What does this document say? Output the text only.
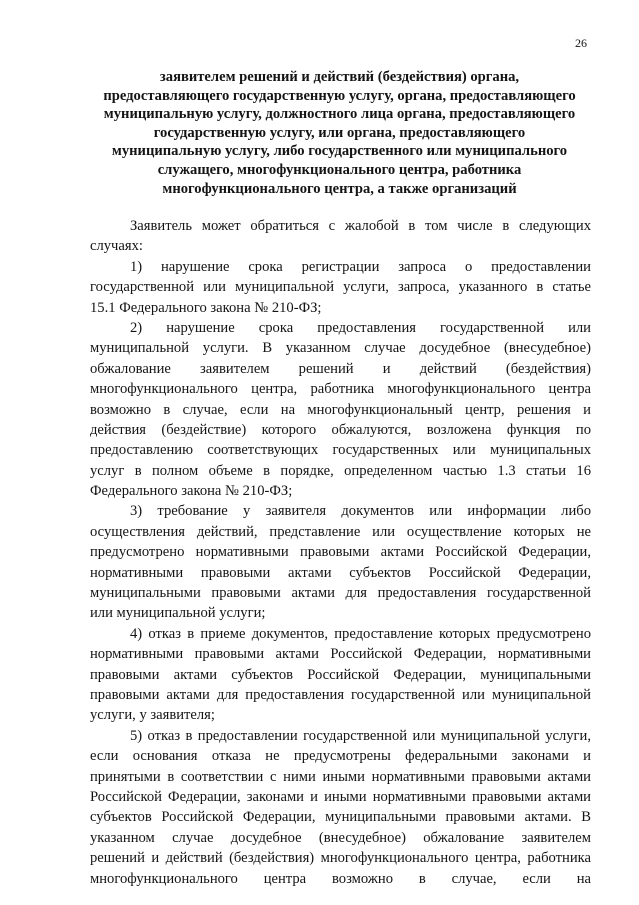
26
заявителем решений и действий (бездействия) органа,
предоставляющего государственную услугу, органа, предоставляющего
муниципальную услугу, должностного лица органа, предоставляющего
государственную услугу, или органа, предоставляющего
муниципальную услугу, либо государственного или муниципального
служащего, многофункционального центра, работника
многофункционального центра, а также организаций

Заявитель может обратиться с жалобой в том числе в следующих
случаях:

1) нарушение срока регистрации запроса о предоставлении
государственной или муниципальной услуги, запроса, указанного в статье
15.1 Федерального закона № 210-ФЗ;

2) нарушение срока предоставления государственной или
муниципальной услуги. В указанном случае досудебное (внесудебное)
обжалование заявителем решений и действий (бездействия)
многофункционального центра, работника многофункционального центра
возможно в случае, если на многофункциональный центр, решения и
действия (бездействие) которого обжалуются, возложена функция по
предоставлению соответствующих государственных или муниципальных
услуг в полном объеме в порядке, определенном частью 1.3 статьи 16
Федерального закона № 210-ФЗ;

3) требование у заявителя документов или информации либо
осуществления действий, представление или осуществление которых не
предусмотрено нормативными правовыми актами Российской Федерации,
нормативными правовыми актами субъектов Российской Федерации,
муниципальными правовыми актами для предоставления государственной
или муниципальной услуги;

4) отказ в приеме документов, предоставление которых предусмотрено
нормативными правовыми актами Российской Федерации, нормативными
правовыми актами субъектов Российской Федерации, муниципальными
правовыми актами для предоставления государственной или муниципальной
услуги, у заявителя;

5) отказ в предоставлении государственной или муниципальной услуги,
если основания отказа не предусмотрены федеральными законами и
принятыми в соответствии с ними иными нормативными правовыми актами
Российской Федерации, законами и иными нормативными правовыми актами
субъектов Российской Федерации, муниципальными правовыми актами. В
указанном случае досудебное (внесудебное) обжалование заявителем
решений и действий (бездействия) многофункционального центра, работника
многофункционального центра возможно в случае, если на
